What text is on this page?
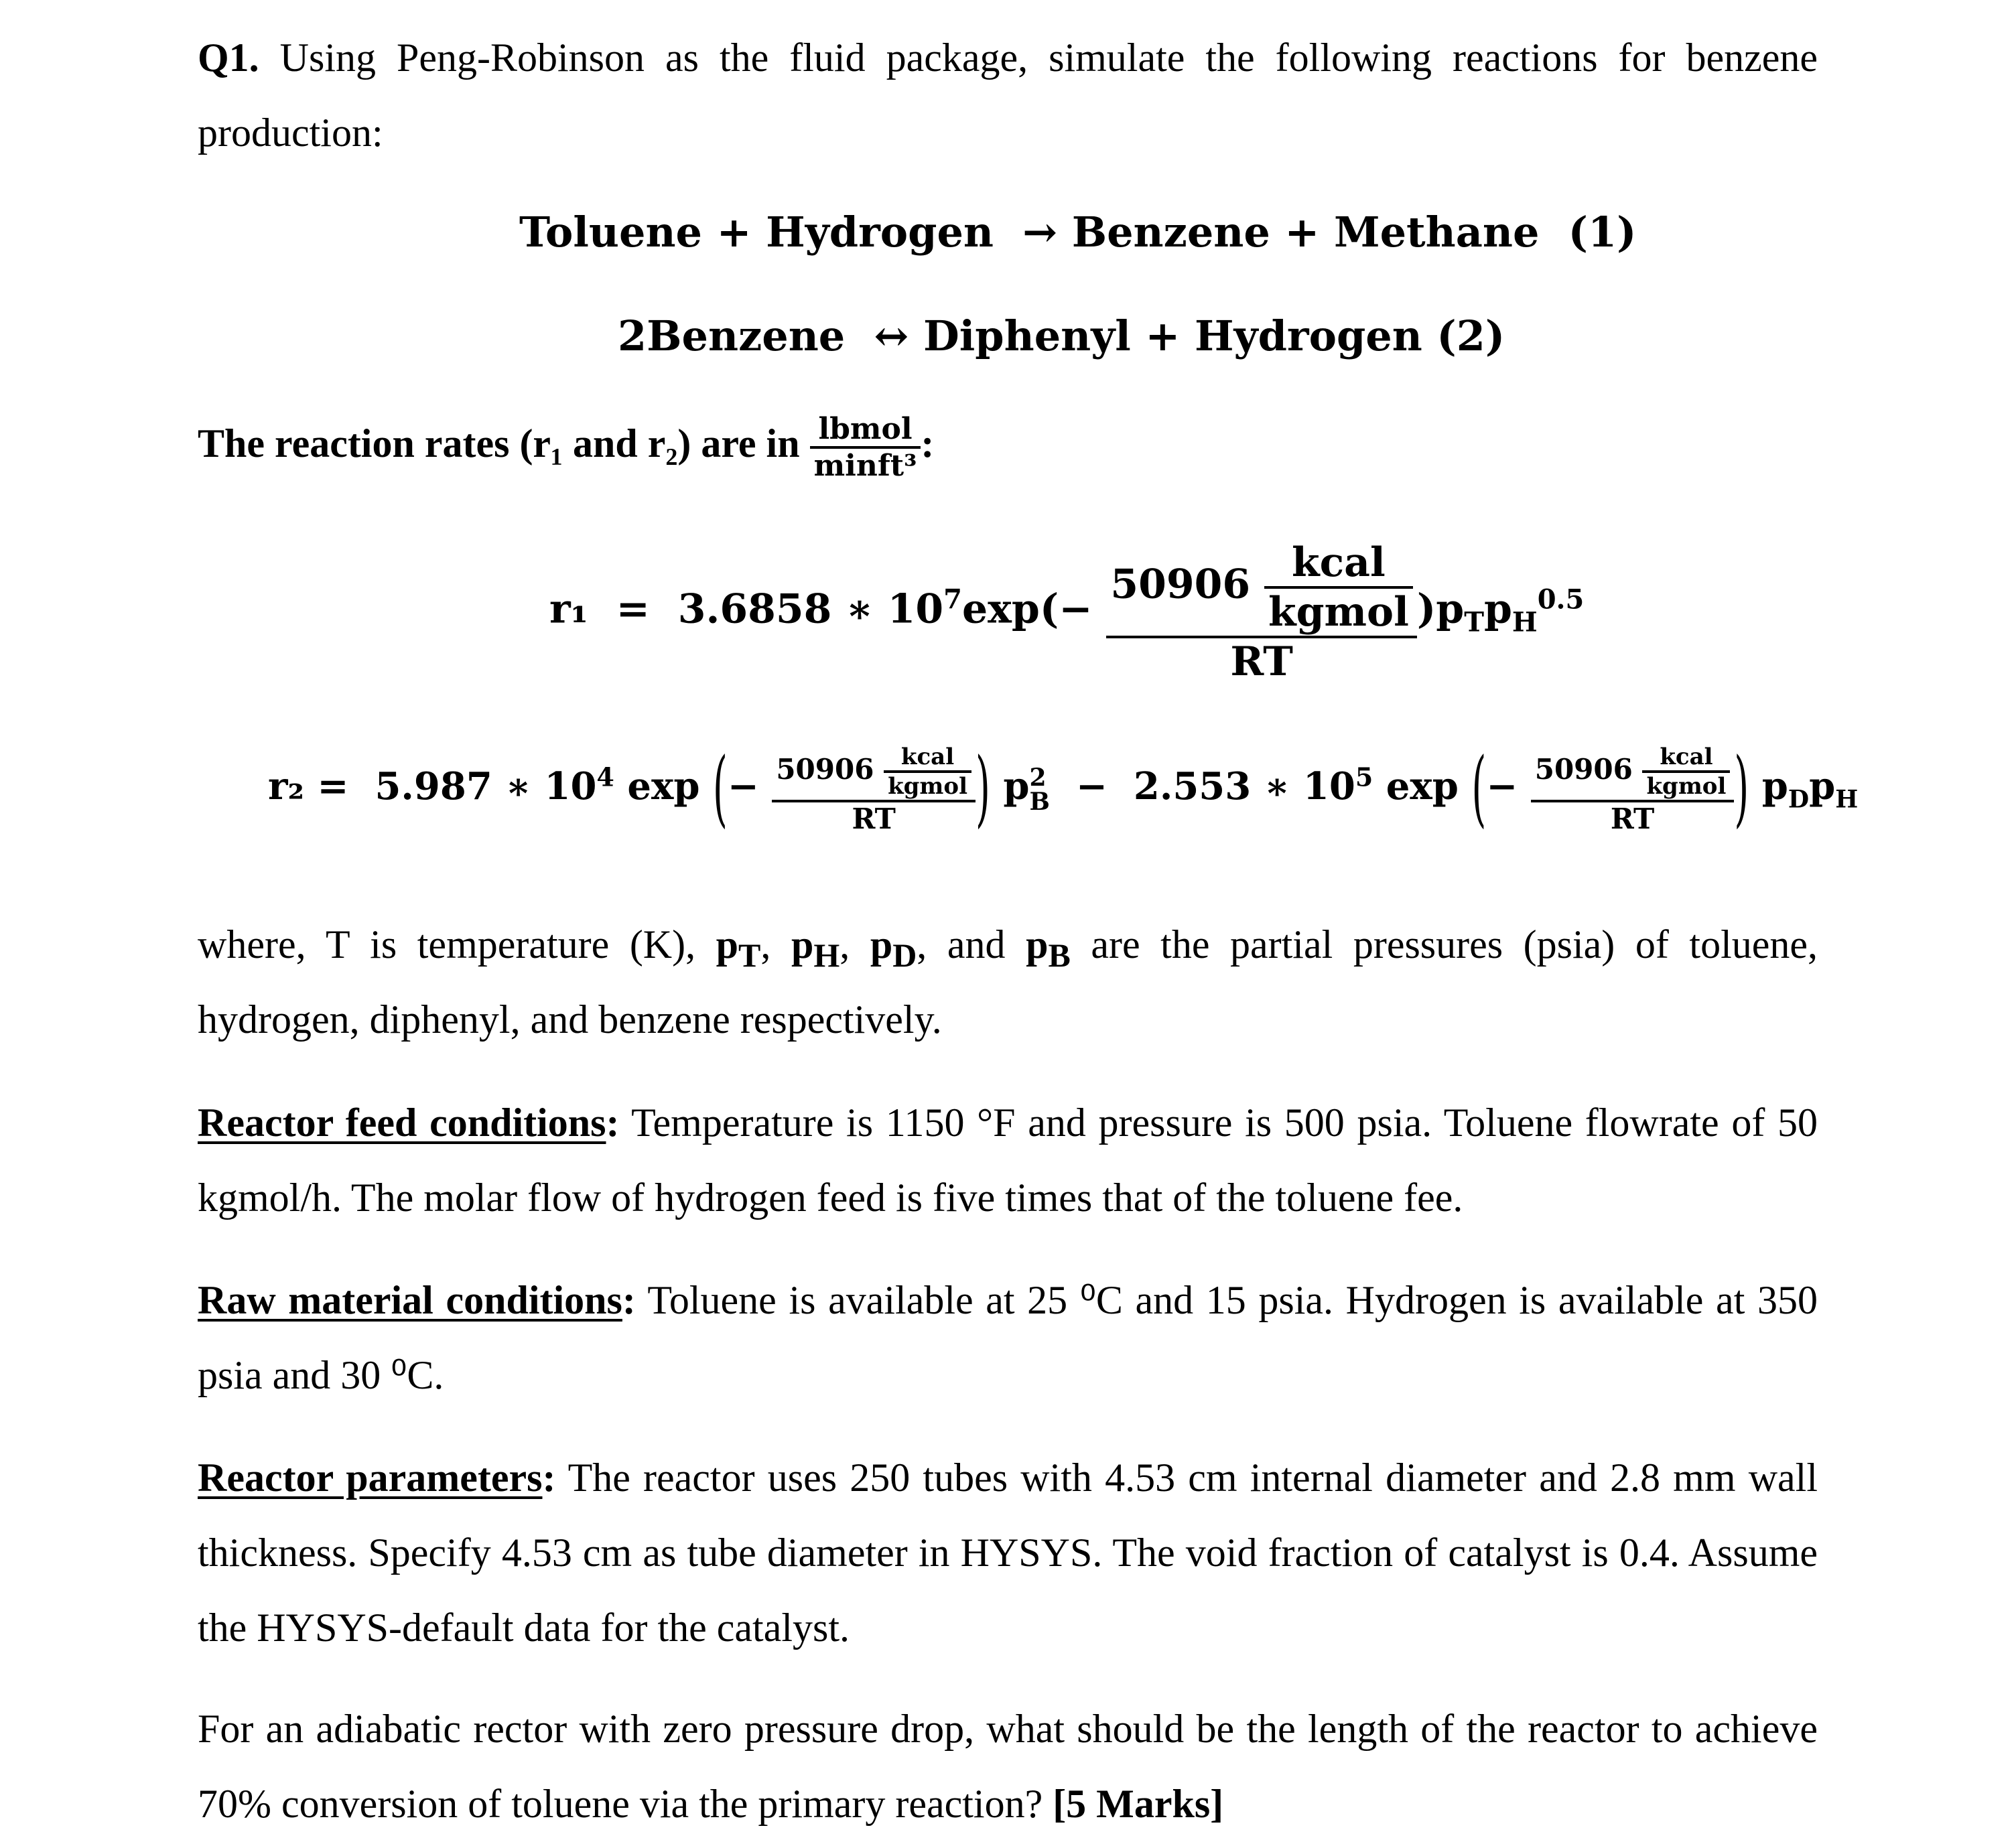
Q1. Using Peng-Robinson as the fluid package, simulate the following reactions for benzene production:
Toluene + Hydrogen → Benzene + Methane (1)
2Benzene ↔ Diphenyl + Hydrogen (2)
The reaction rates (r₁ and r₂) are in $\frac{\text{lbmol}}{\text{minft³}}$ :
r₁ = 3.6858 ∗ $10^7\exp(- \frac{50906 \frac{\text{kcal}}{\text{kgmol}}}{RT} )p_Tp_H^{0.5}$
r₂ = 5.987 ∗ $10^4$ exp (− $\frac{50906 \frac{\text{kcal}}{\text{kgmol}}}{RT}$ ) p 2
B − 2.553 ∗ $10^5$ exp (− $\frac{50906 \frac{\text{kcal}}{\text{kgmol}}}{RT}$ ) $p_Dp_H$
where, T is temperature (K), $p_T$, $p_H$, $p_D$, and $p_B$ are the partial pressures (psia) of toluene, hydrogen, diphenyl, and benzene respectively.
Reactor feed conditions: Temperature is 1150 °F and pressure is 500 psia. Toluene flowrate of 50 kgmol/h. The molar flow of hydrogen feed is five times that of the toluene fee.
Raw material conditions: Toluene is available at 25 ⁰C and 15 psia. Hydrogen is available at 350 psia and 30 ⁰C.
Reactor parameters: The reactor uses 250 tubes with 4.53 cm internal diameter and 2.8 mm wall thickness. Specify 4.53 cm as tube diameter in HYSYS. The void fraction of catalyst is 0.4. Assume the HYSYS-default data for the catalyst.
For an adiabatic rector with zero pressure drop, what should be the length of the reactor to achieve 70% conversion of toluene via the primary reaction? [5 Marks]
